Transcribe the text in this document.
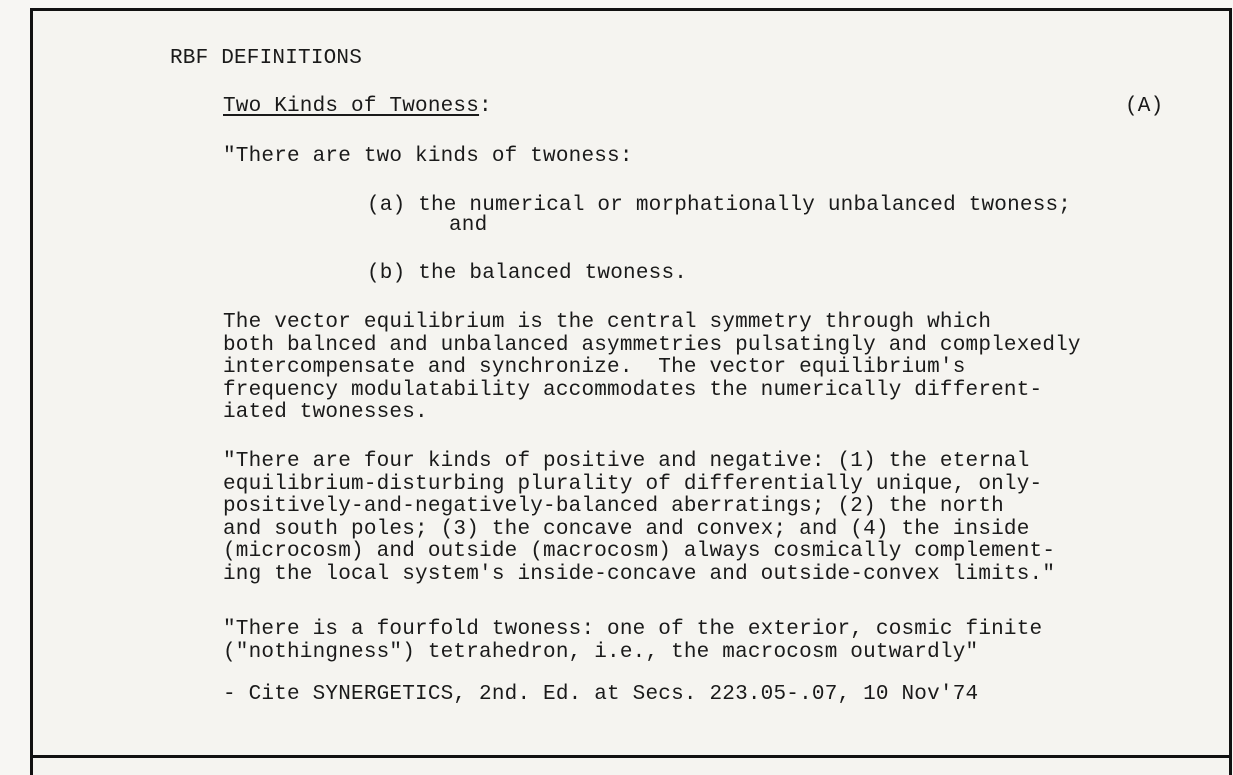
RBF DEFINITIONS
Two Kinds of Twoness:	(A)
"There are two kinds of twoness:
(a) the numerical or morphationally unbalanced twoness;
and
(b) the balanced twoness.
The vector equilibrium is the central symmetry through which
both balnced and unbalanced asymmetries pulsatingly and complexedly
intercompensate and synchronize.  The vector equilibrium's
frequency modulatability accommodates the numerically different-
iated twonesses.
"There are four kinds of positive and negative: (1) the eternal
equilibrium-disturbing plurality of differentially unique, only-
positively-and-negatively-balanced aberratings; (2) the north
and south poles; (3) the concave and convex; and (4) the inside
(microcosm) and outside (macrocosm) always cosmically complement-
ing the local system's inside-concave and outside-convex limits."
"There is a fourfold twoness: one of the exterior, cosmic finite
("nothingness") tetrahedron, i.e., the macrocosm outwardly"
- Cite SYNERGETICS, 2nd. Ed. at Secs. 223.05-.07, 10 Nov'74
